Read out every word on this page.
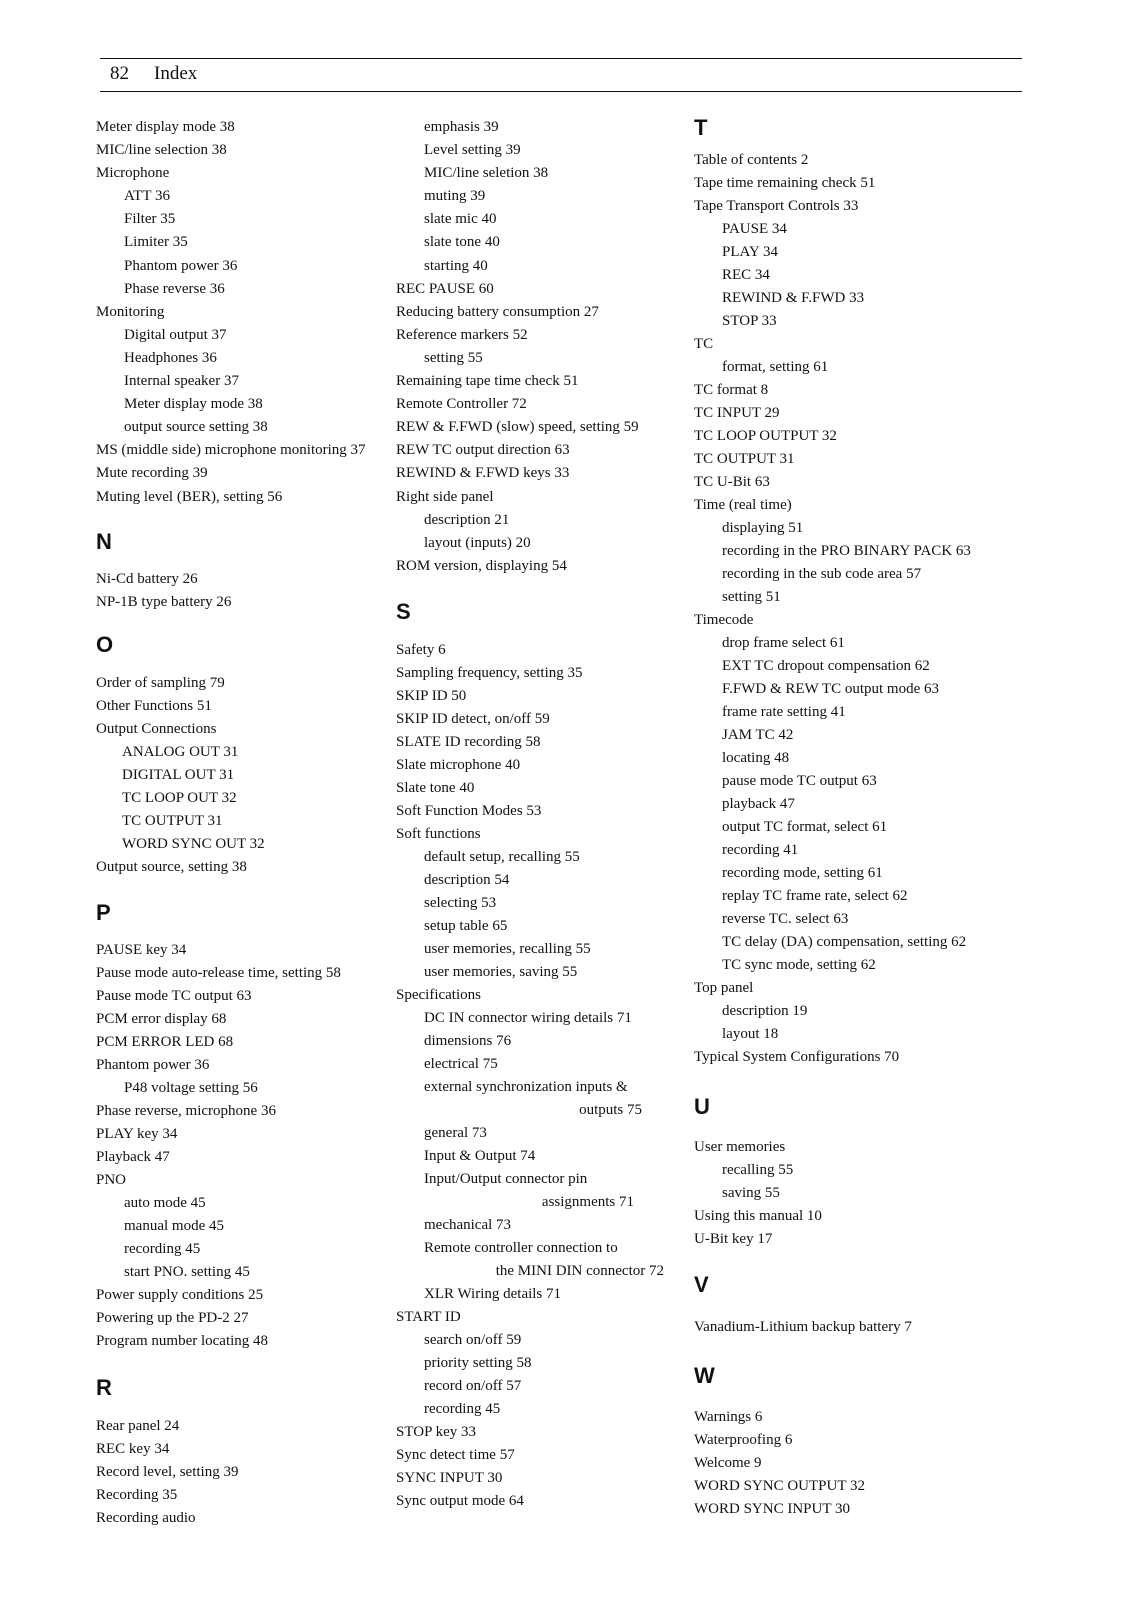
82 Index
Meter display mode 38
MIC/line selection 38
Microphone
ATT 36
Filter 35
Limiter 35
Phantom power 36
Phase reverse 36
Monitoring
Digital output 37
Headphones 36
Internal speaker 37
Meter display mode 38
output source setting 38
MS (middle side) microphone monitoring 37
Mute recording 39
Muting level (BER), setting 56
N
Ni-Cd battery 26
NP-1B type battery 26
O
Order of sampling 79
Other Functions 51
Output Connections
ANALOG OUT 31
DIGITAL OUT 31
TC LOOP OUT 32
TC OUTPUT 31
WORD SYNC OUT 32
Output source, setting 38
P
PAUSE key 34
Pause mode auto-release time, setting 58
Pause mode TC output 63
PCM error display 68
PCM ERROR LED 68
Phantom power 36
P48 voltage setting 56
Phase reverse, microphone 36
PLAY key 34
Playback 47
PNO
auto mode 45
manual mode 45
recording 45
start PNO. setting 45
Power supply conditions 25
Powering up the PD-2 27
Program number locating 48
R
Rear panel 24
REC key 34
Record level, setting 39
Recording 35
Recording audio
emphasis 39
Level setting 39
MIC/line seletion 38
muting 39
slate mic 40
slate tone 40
starting 40
REC PAUSE 60
Reducing battery consumption 27
Reference markers 52
setting 55
Remaining tape time check 51
Remote Controller 72
REW & F.FWD (slow) speed, setting 59
REW TC output direction 63
REWIND & F.FWD keys 33
Right side panel
description 21
layout (inputs) 20
ROM version, displaying 54
S
Safety 6
Sampling frequency, setting 35
SKIP ID 50
SKIP ID detect, on/off 59
SLATE ID recording 58
Slate microphone 40
Slate tone 40
Soft Function Modes 53
Soft functions
default setup, recalling 55
description 54
selecting 53
setup table 65
user memories, recalling 55
user memories, saving 55
Specifications
DC IN connector wiring details 71
dimensions 76
electrical 75
external synchronization inputs &
outputs 75
general 73
Input & Output 74
Input/Output connector pin
assignments 71
mechanical 73
Remote controller connection to
the MINI DIN connector 72
XLR Wiring details 71
START ID
search on/off 59
priority setting 58
record on/off 57
recording 45
STOP key 33
Sync detect time 57
SYNC INPUT 30
Sync output mode 64
T
Table of contents 2
Tape time remaining check 51
Tape Transport Controls 33
PAUSE 34
PLAY 34
REC 34
REWIND & F.FWD 33
STOP 33
TC
format, setting 61
TC format 8
TC INPUT 29
TC LOOP OUTPUT 32
TC OUTPUT 31
TC U-Bit 63
Time (real time)
displaying 51
recording in the PRO BINARY PACK 63
recording in the sub code area 57
setting 51
Timecode
drop frame select 61
EXT TC dropout compensation 62
F.FWD & REW TC output mode 63
frame rate setting 41
JAM TC 42
locating 48
pause mode TC output 63
playback 47
output TC format, select 61
recording 41
recording mode, setting 61
replay TC frame rate, select 62
reverse TC. select 63
TC delay (DA) compensation, setting 62
TC sync mode, setting 62
Top panel
description 19
layout 18
Typical System Configurations 70
U
User memories
recalling 55
saving 55
Using this manual 10
U-Bit key 17
V
Vanadium-Lithium backup battery 7
W
Warnings 6
Waterproofing 6
Welcome 9
WORD SYNC OUTPUT 32
WORD SYNC INPUT 30
